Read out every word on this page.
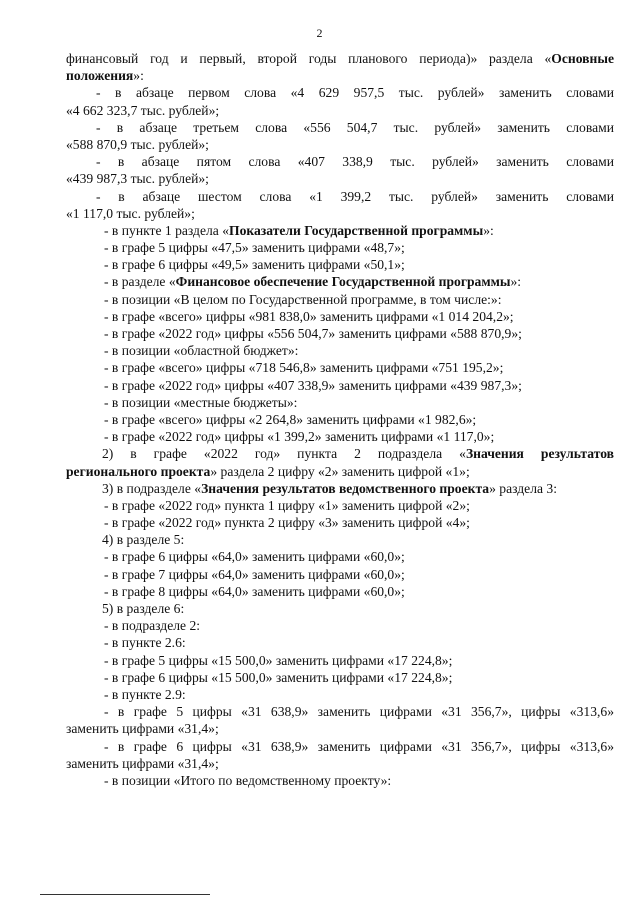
2
финансовый год и первый, второй годы планового периода)» раздела «Основные
положения»:
- в абзаце первом слова «4 629 957,5 тыс. рублей» заменить словами
«4 662 323,7 тыс. рублей»;
- в абзаце третьем слова «556 504,7 тыс. рублей» заменить словами
«588 870,9 тыс. рублей»;
- в абзаце пятом слова «407 338,9 тыс. рублей» заменить словами
«439 987,3 тыс. рублей»;
- в абзаце шестом слова «1 399,2 тыс. рублей» заменить словами
«1 117,0 тыс. рублей»;
- в пункте 1 раздела «Показатели Государственной программы»:
- в графе 5 цифры «47,5» заменить цифрами «48,7»;
- в графе 6 цифры «49,5» заменить цифрами «50,1»;
- в разделе «Финансовое обеспечение Государственной программы»:
- в позиции «В целом по Государственной программе, в том числе:»:
- в графе «всего» цифры «981 838,0» заменить цифрами «1 014 204,2»;
- в графе «2022 год» цифры «556 504,7» заменить цифрами «588 870,9»;
- в позиции «областной бюджет»:
- в графе «всего» цифры «718 546,8» заменить цифрами «751 195,2»;
- в графе «2022 год» цифры «407 338,9» заменить цифрами «439 987,3»;
- в позиции «местные бюджеты»:
- в графе «всего» цифры «2 264,8» заменить цифрами «1 982,6»;
- в графе «2022 год» цифры «1 399,2» заменить цифрами «1 117,0»;
2) в графе «2022 год» пункта 2 подраздела «Значения результатов
регионального проекта» раздела 2 цифру «2» заменить цифрой «1»;
3) в подразделе «Значения результатов ведомственного проекта» раздела 3:
- в графе «2022 год» пункта 1 цифру «1» заменить цифрой «2»;
- в графе «2022 год» пункта 2 цифру «3» заменить цифрой «4»;
4) в разделе 5:
- в графе 6 цифры «64,0» заменить цифрами «60,0»;
- в графе 7 цифры «64,0» заменить цифрами «60,0»;
- в графе 8 цифры «64,0» заменить цифрами «60,0»;
5) в разделе 6:
- в подразделе 2:
- в пункте 2.6:
- в графе 5 цифры «15 500,0» заменить цифрами «17 224,8»;
- в графе 6 цифры «15 500,0» заменить цифрами «17 224,8»;
- в пункте 2.9:
- в графе 5 цифры «31 638,9» заменить цифрами «31 356,7», цифры «313,6»
заменить цифрами «31,4»;
- в графе 6 цифры «31 638,9» заменить цифрами «31 356,7», цифры «313,6»
заменить цифрами «31,4»;
- в позиции «Итого по ведомственному проекту»:
